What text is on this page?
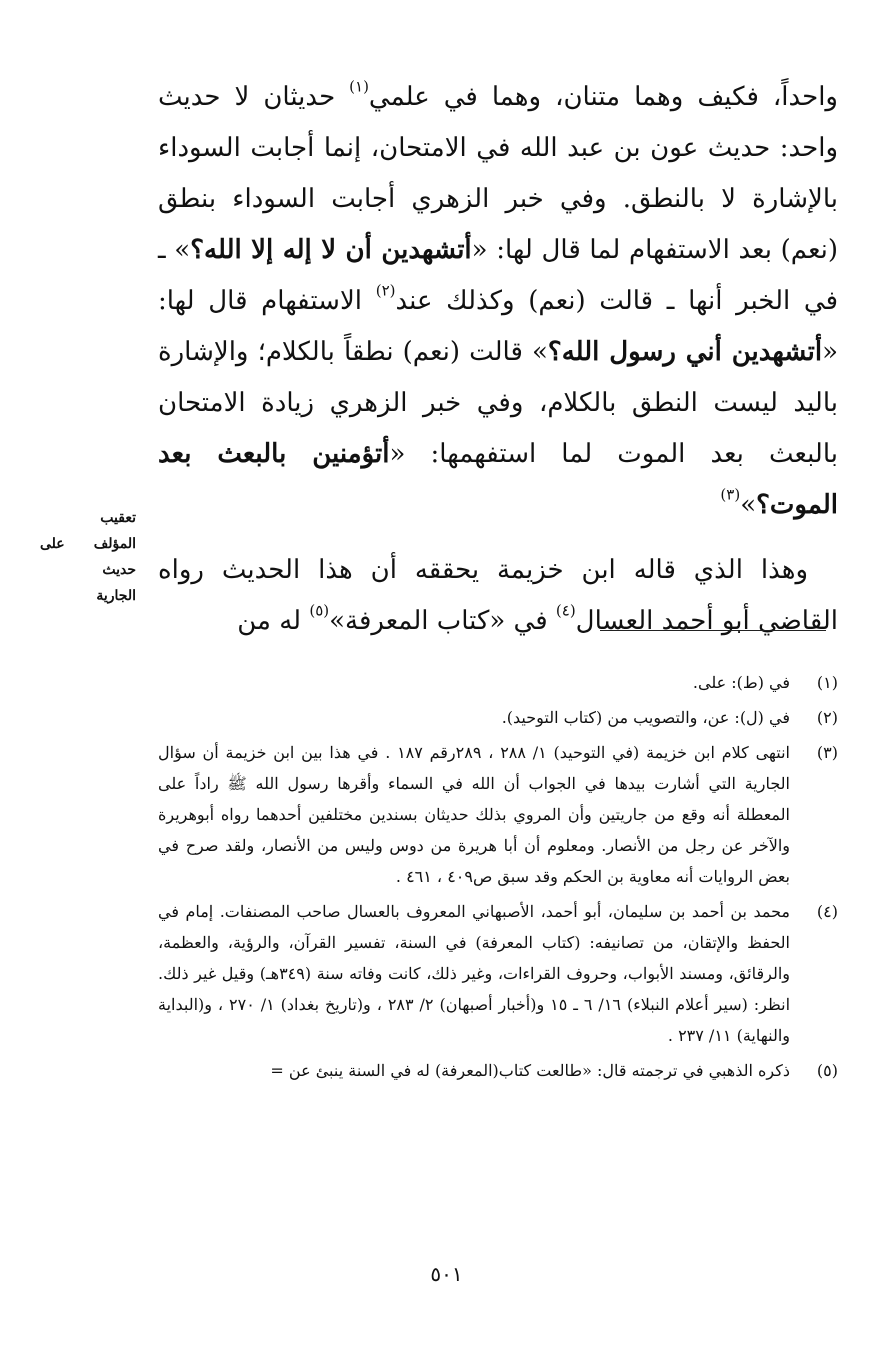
واحداً، فكيف وهما متنان، وهما في علمي$^{(١)}$ حديثان لا حديث واحد: حديث عون بن عبد الله في الامتحان، إنما أجابت السوداء بالإشارة لا بالنطق. وفي خبر الزهري أجابت السوداء بنطق (نعم) بعد الاستفهام لما قال لها: «أتشهدين أن لا إله إلا الله؟» ـ في الخبر أنها ـ قالت (نعم) وكذلك عند$^{(٢)}$ الاستفهام قال لها: «أتشهدين أني رسول الله؟» قالت (نعم) نطقاً بالكلام؛ والإشارة باليد ليست النطق بالكلام، وفي خبر الزهري زيادة الامتحان بالبعث بعد الموت لما استفهمها: «أتؤمنين بالبعث بعد الموت؟»$^{(٣)}$

وهذا الذي قاله ابن خزيمة يحققه أن هذا الحديث رواه القاضي أبو أحمد العسال$^{(٤)}$ في «كتاب المعرفة»$^{(٥)}$ له من

تعقيب
المؤلف على
حديث
الجارية
(١)
في (ط): على.
(٢)
في (ل): عن، والتصويب من (كتاب التوحيد).
(٣)
انتهى كلام ابن خزيمة (في التوحيد) ١/ ٢٨٨ ، ٢٨٩رقم ١٨٧ . في هذا بين ابن خزيمة أن سؤال الجارية التي أشارت بيدها في الجواب أن الله في السماء وأقرها رسول الله ﷺ راداً على المعطلة أنه وقع من جاريتين وأن المروي بذلك حديثان بسندين مختلفين أحدهما رواه أبوهريرة والآخر عن رجل من الأنصار. ومعلوم أن أبا هريرة من دوس وليس من الأنصار، ولقد صرح في بعض الروايات أنه معاوية بن الحكم وقد سبق ص٤٠٩ ، ٤٦١ .
(٤)
محمد بن أحمد بن سليمان، أبو أحمد، الأصبهاني المعروف بالعسال صاحب المصنفات. إمام في الحفظ والإتقان، من تصانيفه: (كتاب المعرفة) في السنة، تفسير القرآن، والرؤية، والعظمة، والرقائق، ومسند الأبواب، وحروف القراءات، وغير ذلك، كانت وفاته سنة (٣٤٩هـ) وقيل غير ذلك. انظر: (سير أعلام النبلاء) ١٦/ ٦ ـ ١٥ و(أخبار أصبهان) ٢/ ٢٨٣ ، و(تاريخ بغداد) ١/ ٢٧٠ ، و(البداية والنهاية) ١١/ ٢٣٧ .
(٥)
ذكره الذهبي في ترجمته قال: «طالعت كتاب(المعرفة) له في السنة ينبئ عن =
٥٠١
